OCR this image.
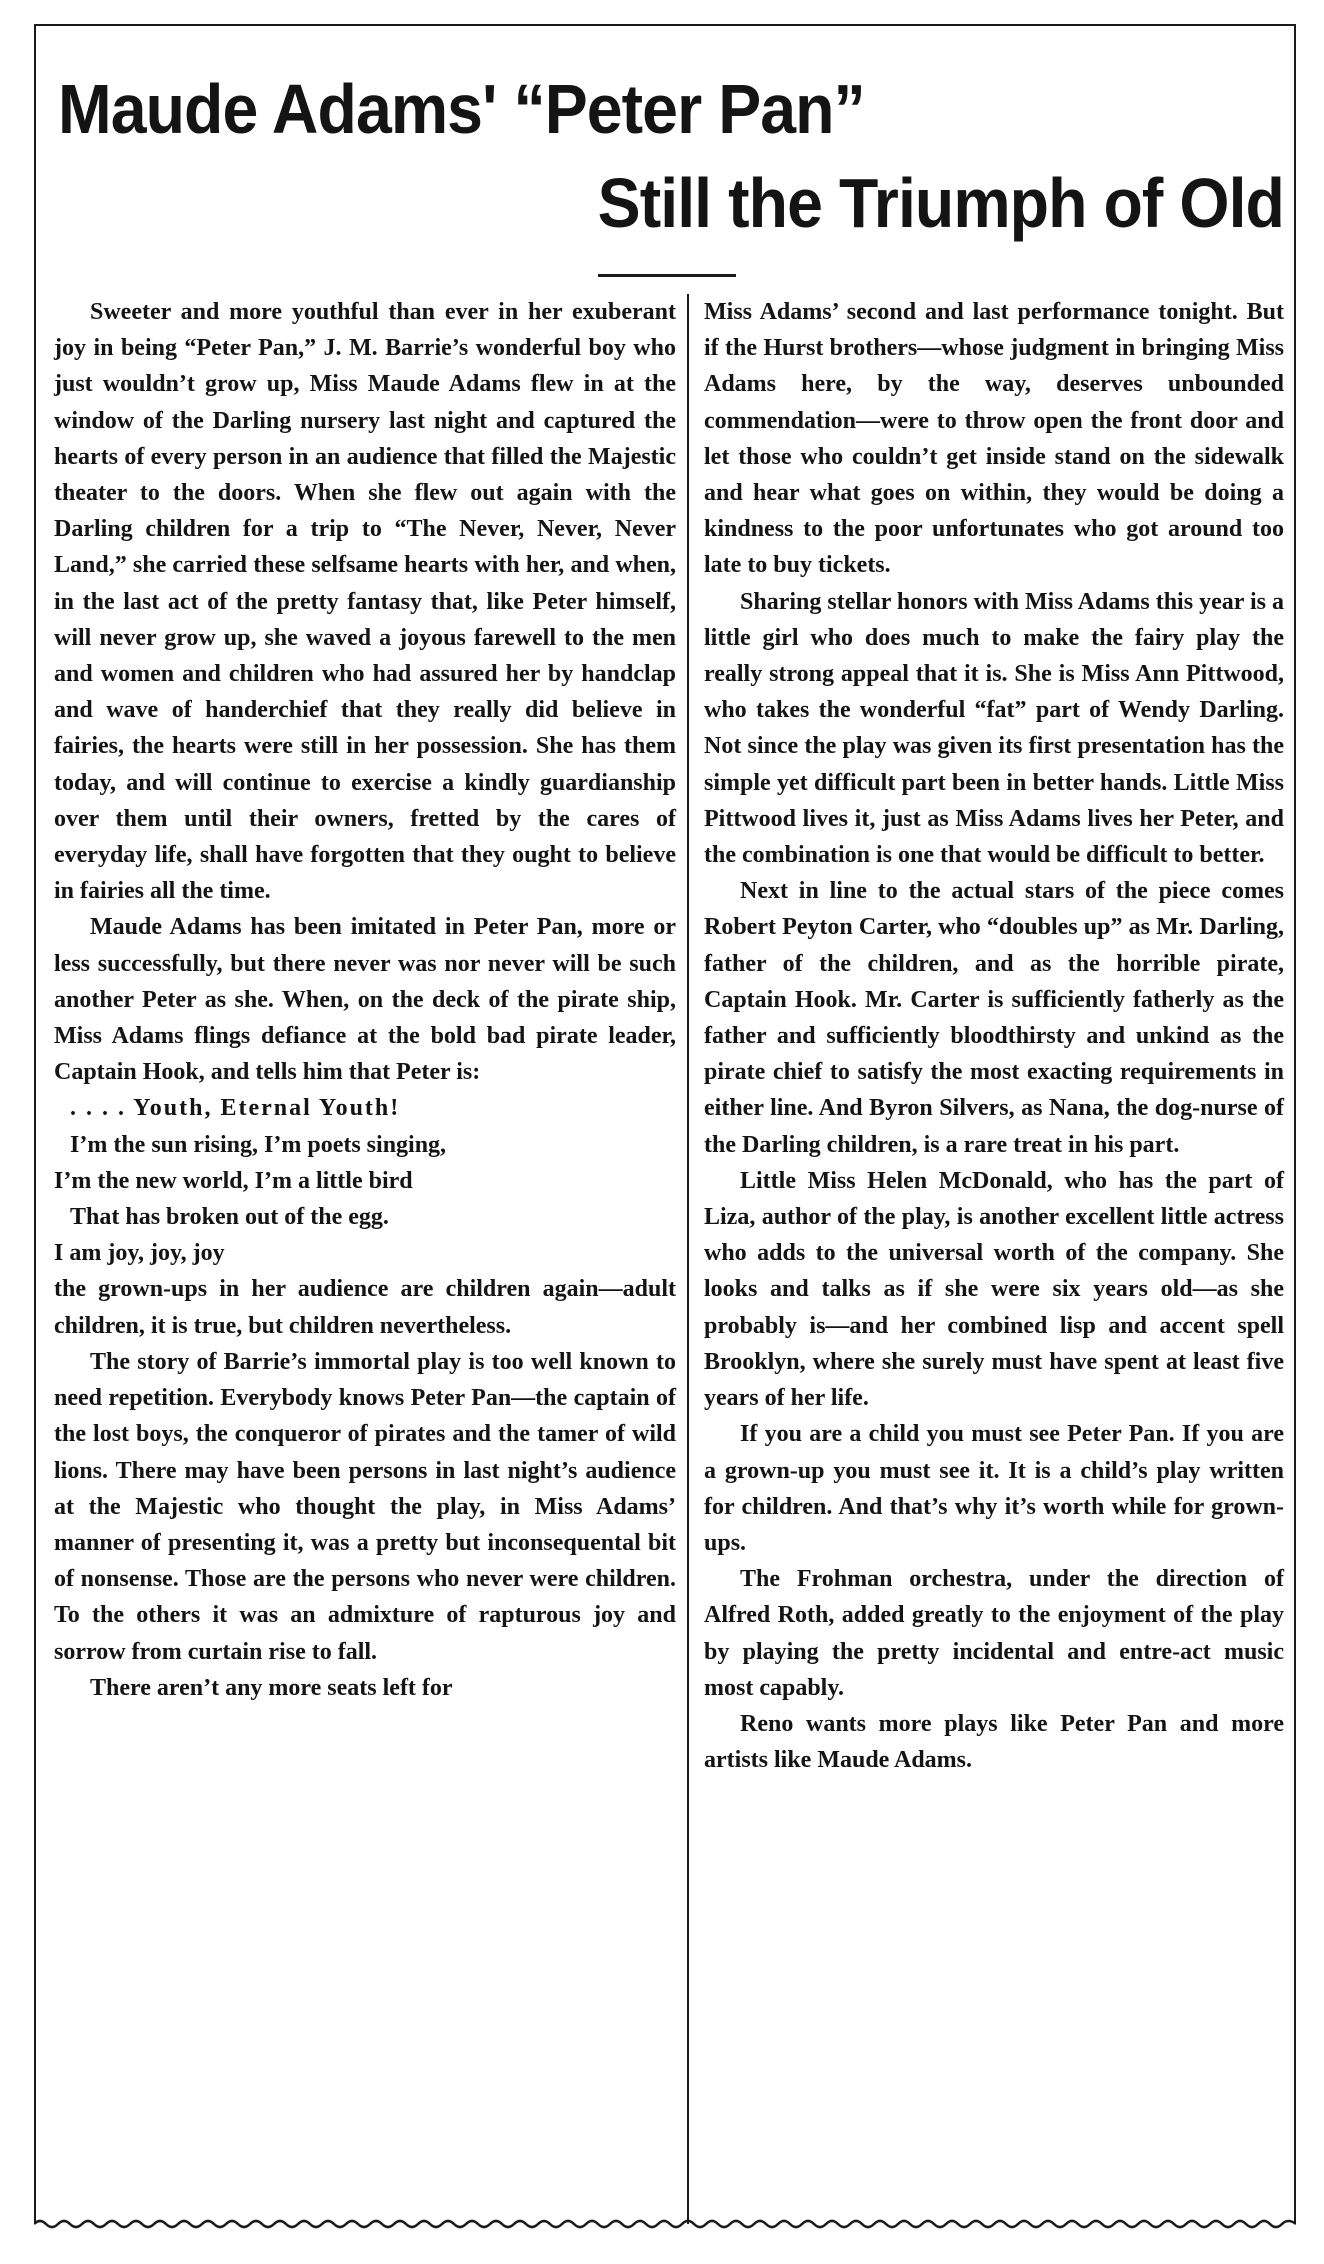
Maude Adams' “Peter Pan”
Still the Triumph of Old

Sweeter and more youthful than ever in her exuberant joy in being “Peter Pan,” J. M. Barrie’s wonderful boy who just wouldn’t grow up, Miss Maude Adams flew in at the window of the Darling nursery last night and captured the hearts of every person in an audience that filled the Majestic theater to the doors. When she flew out again with the Darling children for a trip to “The Never, Never, Never Land,” she carried these selfsame hearts with her, and when, in the last act of the pretty fantasy that, like Peter himself, will never grow up, she waved a joyous farewell to the men and women and children who had assured her by handclap and wave of handerchief that they really did believe in fairies, the hearts were still in her possession. She has them today, and will continue to exercise a kindly guardianship over them until their owners, fretted by the cares of everyday life, shall have forgotten that they ought to believe in fairies all the time.

Maude Adams has been imitated in Peter Pan, more or less successfully, but there never was nor never will be such another Peter as she. When, on the deck of the pirate ship, Miss Adams flings defiance at the bold bad pirate leader, Captain Hook, and tells him that Peter is:

. . . . Youth, Eternal Youth!

I’m the sun rising, I’m poets singing,

I’m the new world, I’m a little bird

That has broken out of the egg.

I am joy, joy, joy

the grown-ups in her audience are children again—adult children, it is true, but children nevertheless.

The story of Barrie’s immortal play is too well known to need repetition. Everybody knows Peter Pan—the captain of the lost boys, the conqueror of pirates and the tamer of wild lions. There may have been persons in last night’s audience at the Majestic who thought the play, in Miss Adams’ manner of presenting it, was a pretty but inconsequental bit of nonsense. Those are the persons who never were children. To the others it was an admixture of rapturous joy and sorrow from curtain rise to fall.

There aren’t any more seats left for

Miss Adams’ second and last performance tonight. But if the Hurst brothers—whose judgment in bringing Miss Adams here, by the way, deserves unbounded commendation—were to throw open the front door and let those who couldn’t get inside stand on the sidewalk and hear what goes on within, they would be doing a kindness to the poor unfortunates who got around too late to buy tickets.

Sharing stellar honors with Miss Adams this year is a little girl who does much to make the fairy play the really strong appeal that it is. She is Miss Ann Pittwood, who takes the wonderful “fat” part of Wendy Darling. Not since the play was given its first presentation has the simple yet difficult part been in better hands. Little Miss Pittwood lives it, just as Miss Adams lives her Peter, and the combination is one that would be difficult to better.

Next in line to the actual stars of the piece comes Robert Peyton Carter, who “doubles up” as Mr. Darling, father of the children, and as the horrible pirate, Captain Hook. Mr. Carter is sufficiently fatherly as the father and sufficiently bloodthirsty and unkind as the pirate chief to satisfy the most exacting requirements in either line. And Byron Silvers, as Nana, the dog-nurse of the Darling children, is a rare treat in his part.

Little Miss Helen McDonald, who has the part of Liza, author of the play, is another excellent little actress who adds to the universal worth of the company. She looks and talks as if she were six years old—as she probably is—and her combined lisp and accent spell Brooklyn, where she surely must have spent at least five years of her life.

If you are a child you must see Peter Pan. If you are a grown-up you must see it. It is a child’s play written for children. And that’s why it’s worth while for grown-ups.

The Frohman orchestra, under the direction of Alfred Roth, added greatly to the enjoyment of the play by playing the pretty incidental and entre-act music most capably.

Reno wants more plays like Peter Pan and more artists like Maude Adams.
